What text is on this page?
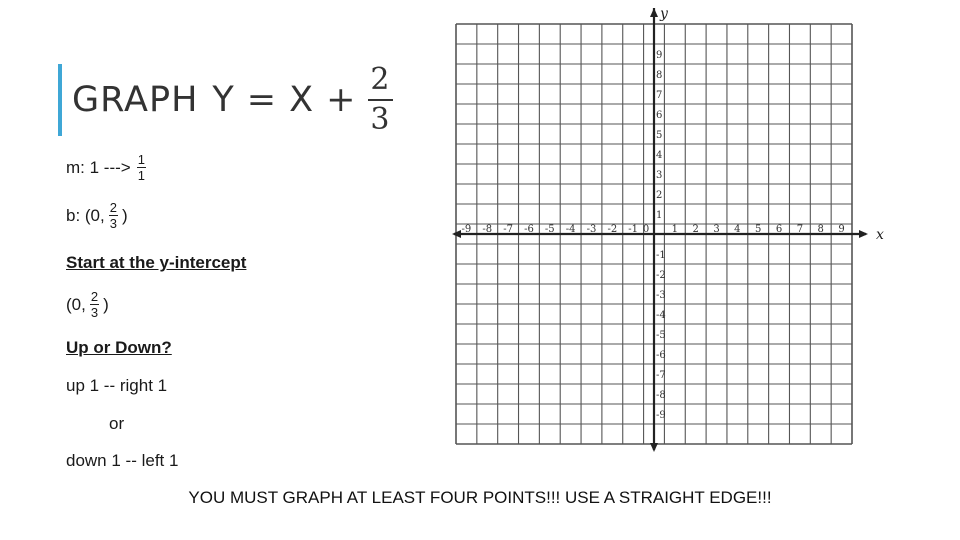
GRAPH $Y = X + \frac{2}{3}$
m: 1 ---> $\frac{1}{1}$
b: (0, $\frac{2}{3}$ )
Start at the y-intercept
(0, $\frac{2}{3}$ )
Up or Down?
up 1 -- right 1
or
down 1 -- left 1
YOU MUST GRAPH AT LEAST FOUR POINTS!!! USE A STRAIGHT EDGE!!!
-9 -8 -7 -6 -5 -4 -3 -2 -1	1 2 3 4 5 6 7 8 9
9
8
7
6
5
4
3
2
1
-1
-2
-3
-4
-5
-6
-7
-8
-9
0	x
y
